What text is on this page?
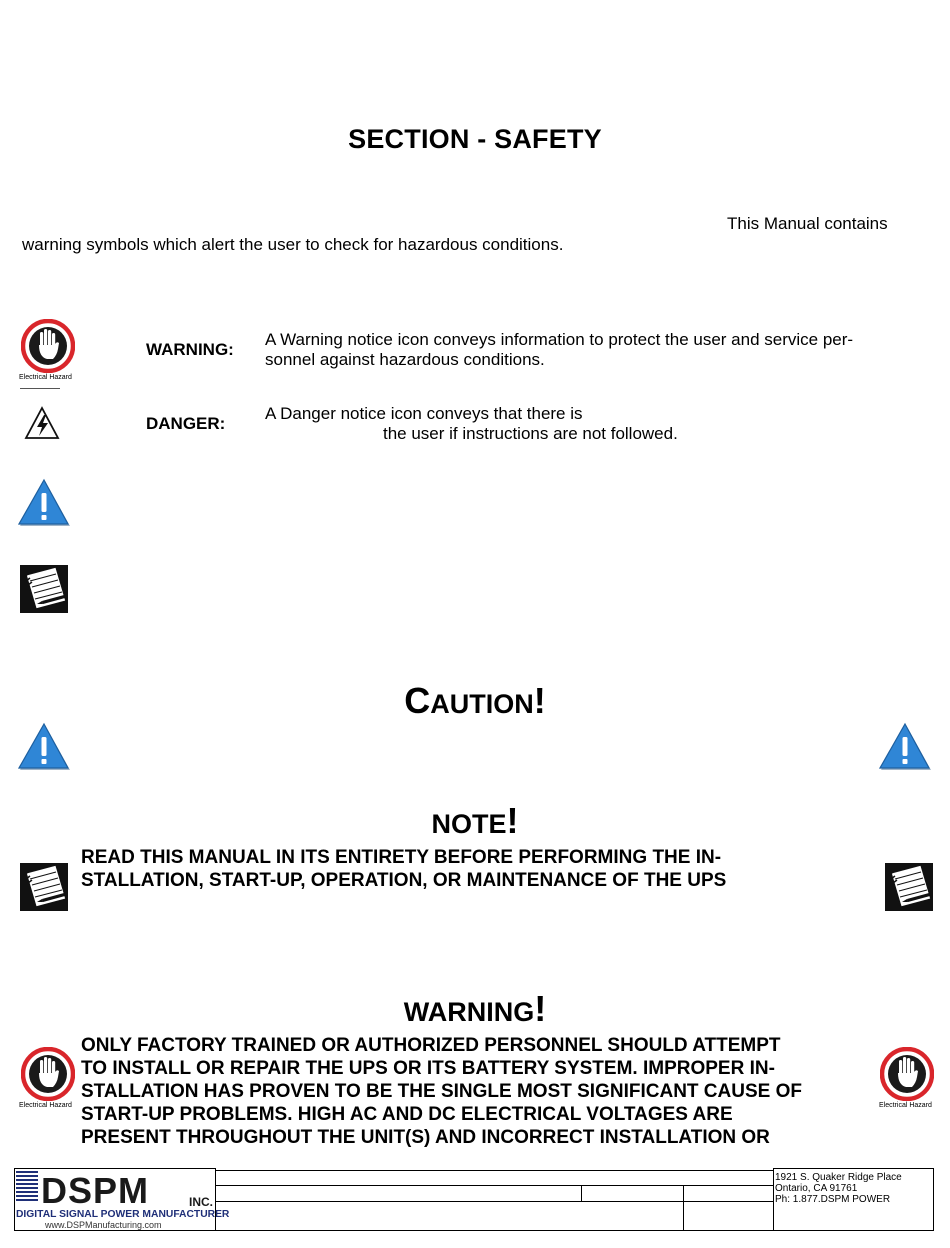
SECTION - SAFETY
This Manual contains
warning symbols which alert the user to check for hazardous conditions.
Electrical Hazard
WARNING:
A Warning notice icon conveys information to protect the user and service per-
sonnel against hazardous conditions.
DANGER:
A Danger notice icon conveys that there is
the user if instructions are not followed.
CAUTION!
NOTE!
READ THIS MANUAL IN ITS ENTIRETY BEFORE PERFORMING THE IN-
STALLATION, START-UP, OPERATION, OR MAINTENANCE OF THE UPS
WARNING!
Electrical Hazard	Electrical Hazard
ONLY FACTORY TRAINED OR AUTHORIZED PERSONNEL SHOULD ATTEMPT
TO INSTALL OR REPAIR THE UPS OR ITS BATTERY SYSTEM. IMPROPER IN-
STALLATION HAS PROVEN TO BE THE SINGLE MOST SIGNIFICANT CAUSE OF
START-UP PROBLEMS. HIGH AC AND DC ELECTRICAL VOLTAGES ARE
PRESENT THROUGHOUT THE UNIT(S) AND INCORRECT INSTALLATION OR
DSPM	INC.
DIGITAL SIGNAL POWER MANUFACTURER
www.DSPManufacturing.com
1921 S. Quaker Ridge Place
Ontario, CA 91761
Ph: 1.877.DSPM POWER
